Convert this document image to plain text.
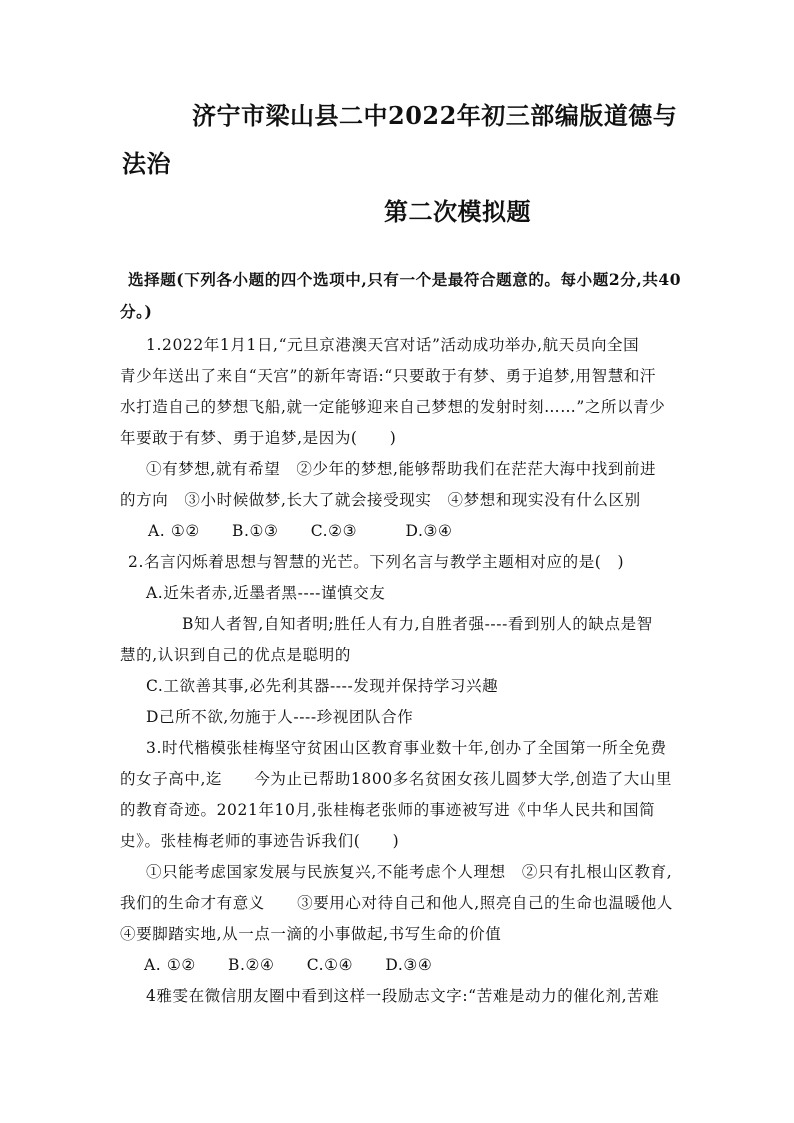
济宁市梁山县二中2022年初三部编版道德与
法治
第二次模拟题
选择题(下列各小题的四个选项中,只有一个是最符合题意的。每小题2分,共40
分。)
1.2022年1月1日,“元旦京港澳天宫对话”活动成功举办,航天员向全国
青少年送出了来自“天宫”的新年寄语:“只要敢于有梦、勇于追梦,用智慧和汗
水打造自己的梦想飞船,就一定能够迎来自己梦想的发射时刻……”之所以青少
年要敢于有梦、勇于追梦,是因为(　　)
①有梦想,就有希望　②少年的梦想,能够帮助我们在茫茫大海中找到前进
的方向　③小时候做梦,长大了就会接受现实　④梦想和现实没有什么区别
A. ①②　　B.①③　　C.②③　　　D.③④
2.名言闪烁着思想与智慧的光芒。下列名言与教学主题相对应的是(　)
A.近朱者赤,近墨者黑----谨慎交友
B知人者智,自知者明;胜任人有力,自胜者强----看到别人的缺点是智
慧的,认识到自己的优点是聪明的
C.工欲善其事,必先利其器----发现并保持学习兴趣
D己所不欲,勿施于人----珍视团队合作
3.时代楷模张桂梅坚守贫困山区教育事业数十年,创办了全国第一所全免费
的女子高中,迄　　今为止已帮助1800多名贫困女孩儿圆梦大学,创造了大山里
的教育奇迹。2021年10月,张桂梅老张师的事迹被写进《中华人民共和国简
史》。张桂梅老师的事迹告诉我们(　　)
①只能考虑国家发展与民族复兴,不能考虑个人理想　②只有扎根山区教育,
我们的生命才有意义　　③要用心对待自己和他人,照亮自己的生命也温暖他人
④要脚踏实地,从一点一滴的小事做起,书写生命的价值
A. ①②　　B.②④　　C.①④　　D.③④
4雅雯在微信朋友圈中看到这样一段励志文字:“苦难是动力的催化剂,苦难
